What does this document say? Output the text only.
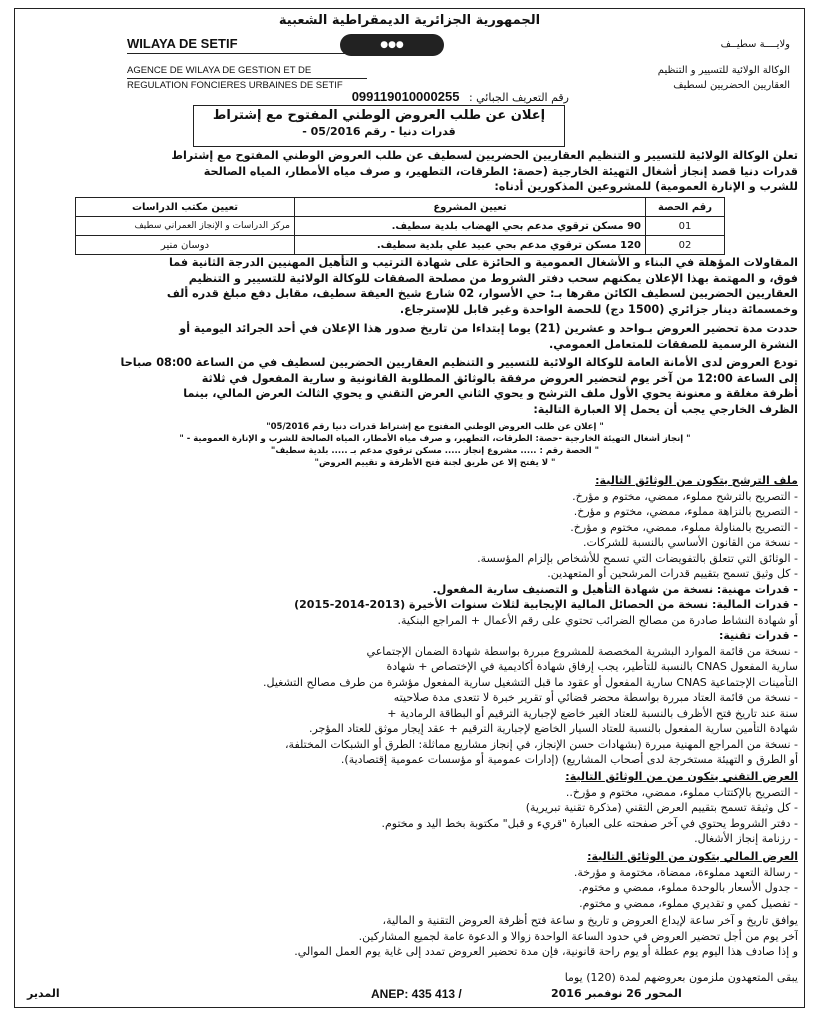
الجمهورية الجزائرية الديمقراطية الشعبية
WILAYA DE SETIF	●●●	ولايــــة سطيــف
AGENCE DE WILAYA DE GESTION ET DE
REGULATION FONCIERES URBAINES DE SETIF
الوكالة الولائية للتسيير و التنظيم
العقاريين الحضريين لسطيف
رقم التعريف الجبائي : 099119010000255
إعلان عن طلب العروض الوطني المفتوح مع إشتراط
قدرات دنيا - رقم 05/2016 -
تعلن الوكالة الولائية للتسيير و التنظيم العقاريين الحضريين لسطيف عن طلب العروض الوطني المفتوح مع إشتراط
قدرات دنيا قصد إنجاز أشغال التهيئة الخارجية (حصة: الطرقات، التطهير، و صرف مياه الأمطار، المياه الصالحة
للشرب و الإنارة العمومية) للمشروعين المذكورين أدناه:
رقم الحصة	تعيين المشروع	تعيين مكتب الدراسات
01	90 مسكن ترقوي مدعم بحي الهضاب بلدية سطيف.	مركز الدراسات و الإنجاز العمراني سطيف
02	120 مسكن ترقوي مدعم بحي عبيد علي بلدية سطيف.	دوسان منير
المقاولات المؤهلة في البناء و الأشغال العمومية و الحائزة على شهادة الترتيب و التأهيل المهنيين الدرجة الثانية فما
فوق، و المهتمة بهذا الإعلان يمكنهم سحب دفتر الشروط من مصلحة الصفقات للوكالة الولائية للتسيير و التنظيم
العقاريين الحضريين لسطيف الكائن مقرها بـ: حي الأسوار، 02 شارع شيخ العيفة سطيف، مقابل دفع مبلغ قدره ألف
وخمسمائة دينار جزائري (1500 دج) للحصة الواحدة وغير قابل للإسترجاع.
حددت مدة تحضير العروض بـواحد و عشرين (21) يوما إبتداءا من تاريخ صدور هذا الإعلان في أحد الجرائد اليومية أو
النشرة الرسمية للصفقات للمتعامل العمومي.
تودع العروض لدى الأمانة العامة للوكالة الولائية للتسيير و التنظيم العقاريين الحضريين لسطيف في من الساعة 08:00 صباحا
إلى الساعة 12:00 من آخر يوم لتحضير العروض مرفقة بالوثائق المطلوبة القانونية و سارية المفعول في ثلاثة
أظرفة مغلقة و معنونة يحوي الأول ملف الترشح و يحوي الثاني العرض التقني و يحوي الثالث العرض المالي، بينما
الظرف الخارجي يجب أن يحمل إلا العبارة التالية:
" إعلان عن طلب العروض الوطني المفتوح مع إشتراط قدرات دنيا رقم 05/2016"
" إنجاز أشغال التهيئة الخارجية -حصة: الطرقات، التطهير، و صرف مياه الأمطار، المياه الصالحة للشرب و الإنارة العمومية - "
" الحصة رقم : ..... مشروع إنجاز ..... مسكن ترقوي مدعم بـ ..... بلدية سطيف"
" لا يفتح إلا عن طريق لجنة فتح الأظرفة و تقييم العروض"
ملف الترشح يتكون من الوثائق التالية:
- التصريح بالترشح مملوء، ممضي، مختوم و مؤرخ.
- التصريح بالنزاهة مملوء، ممضي، مختوم و مؤرخ.
- التصريح بالمناولة مملوء، ممضي، مختوم و مؤرخ.
- نسخة من القانون الأساسي بالنسبة للشركات.
- الوثائق التي تتعلق بالتفويضات التي تسمح للأشخاص بإلزام المؤسسة.
- كل وثيق تسمح بتقييم قدرات المرشحين أو المتعهدين.
- قدرات مهنية: نسخة من شهادة التأهيل و التصنيف سارية المفعول.
- قدرات المالية: نسخة من الحصائل المالية الإيجابية لثلاث سنوات الأخيرة (2013-2014-2015)
أو شهادة النشاط صادرة من مصالح الضرائب تحتوي على رقم الأعمال + المراجع البنكية.
- قدرات تقنية:
- نسخة من قائمة الموارد البشرية المخصصة للمشروع مبررة بواسطة شهادة الضمان الإجتماعي
سارية المفعول CNAS بالنسبة للتأطير، يجب إرفاق شهادة أكاديمية في الإختصاص + شهادة
التأمينات الإجتماعية CNAS سارية المفعول أو عقود ما قبل التشغيل سارية المفعول مؤشرة من طرف مصالح التشغيل.
- نسخة من قائمة العتاد مبررة بواسطة محضر قضائي أو تقرير خبرة لا تتعدى مدة صلاحيته
سنة عند تاريخ فتح الأظرف بالنسبة للعتاد الغير خاضع لإجبارية الترقيم أو البطاقة الرمادية +
شهادة التأمين سارية المفعول بالنسبة للعتاد السيار الخاضع لإجبارية الترقيم + عقد إيجار موثق للعتاد المؤجر.
- نسخة من المراجع المهنية مبررة (بشهادات حسن الإنجاز، في إنجاز مشاريع مماثلة: الطرق أو الشبكات المختلفة،
أو الطرق و التهيئة مستخرجة لدى أصحاب المشاريع) (إدارات عمومية أو مؤسسات عمومية إقتصادية).
العرض التقني يتكون من من الوثائق التالية:
- التصريح بالإكتتاب مملوء، ممضي، مختوم و مؤرخ..
- كل وثيقة تسمح بتقييم العرض التقني (مذكرة تقنية تبريرية)
- دفتر الشروط يحتوي في آخر صفحته على العبارة "قريء و قبل" مكتوبة بخط اليد و مختوم.
- رزنامة إنجاز الأشغال.
العرض المالي يتكون من الوثائق التالية:
- رسالة التعهد مملوءة، ممضاة، مختومة و مؤرخة.
- جدول الأسعار بالوحدة مملوء، ممضي و مختوم.
- تفصيل كمي و تقديري مملوء، ممضي و مختوم.
يوافق تاريخ و آخر ساعة لإيداع العروض و تاريخ و ساعة فتح أظرفة العروض التقنية و المالية،
آخر يوم من أجل تحضير العروض في حدود الساعة الواحدة زوالا و الدعوة عامة لجميع المشاركين.
و إذا صادف هذا اليوم يوم عطلة أو يوم راحة قانونية، فإن مدة تحضير العروض تمدد إلى غاية يوم العمل الموالي.
يبقى المتعهدون ملزمون بعروضهم لمدة (120) يوما
المدير	ANEP: 435 413 /	المحور 26 نوفمبر 2016
